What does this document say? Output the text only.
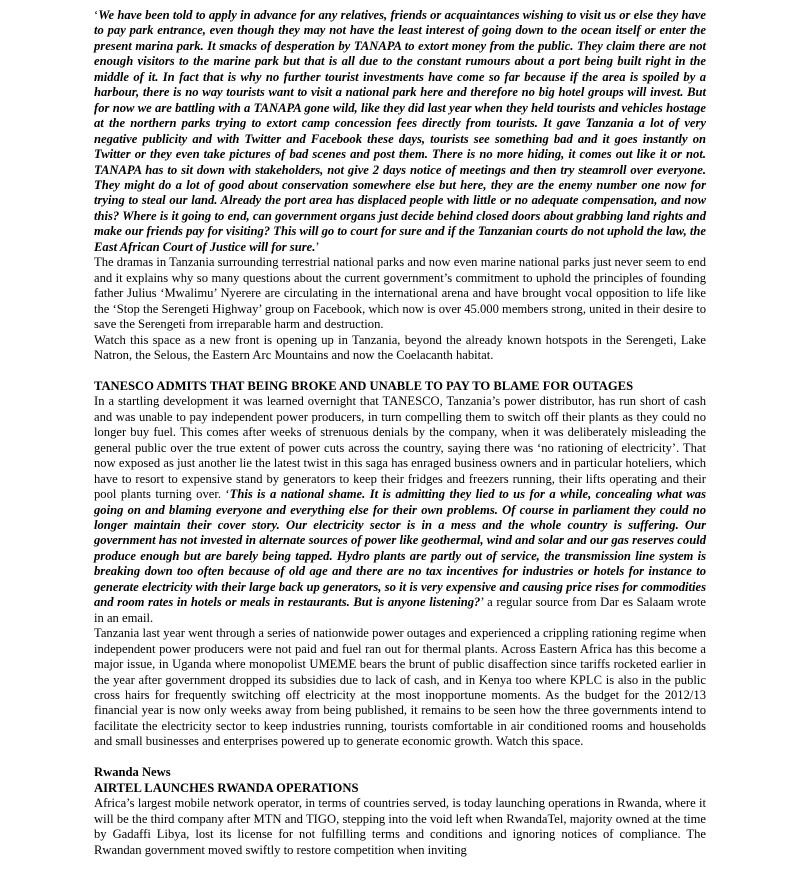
‘We have been told to apply in advance for any relatives, friends or acquaintances wishing to visit us or else they have to pay park entrance, even though they may not have the least interest of going down to the ocean itself or enter the present marina park. It smacks of desperation by TANAPA to extort money from the public. They claim there are not enough visitors to the marine park but that is all due to the constant rumours about a port being built right in the middle of it. In fact that is why no further tourist investments have come so far because if the area is spoiled by a harbour, there is no way tourists want to visit a national park here and therefore no big hotel groups will invest. But for now we are battling with a TANAPA gone wild, like they did last year when they held tourists and vehicles hostage at the northern parks trying to extort camp concession fees directly from tourists. It gave Tanzania a lot of very negative publicity and with Twitter and Facebook these days, tourists see something bad and it goes instantly on Twitter or they even take pictures of bad scenes and post them. There is no more hiding, it comes out like it or not. TANAPA has to sit down with stakeholders, not give 2 days notice of meetings and then try steamroll over everyone. They might do a lot of good about conservation somewhere else but here, they are the enemy number one now for trying to steal our land. Already the port area has displaced people with little or no adequate compensation, and now this? Where is it going to end, can government organs just decide behind closed doors about grabbing land rights and make our friends pay for visiting? This will go to court for sure and if the Tanzanian courts do not uphold the law, the East African Court of Justice will for sure.’

The dramas in Tanzania surrounding terrestrial national parks and now even marine national parks just never seem to end and it explains why so many questions about the current government’s commitment to uphold the principles of founding father Julius ‘Mwalimu’ Nyerere are circulating in the international arena and have brought vocal opposition to life like the ‘Stop the Serengeti Highway’ group on Facebook, which now is over 45.000 members strong, united in their desire to save the Serengeti from irreparable harm and destruction.

Watch this space as a new front is opening up in Tanzania, beyond the already known hotspots in the Serengeti, Lake Natron, the Selous, the Eastern Arc Mountains and now the Coelacanth habitat.

TANESCO ADMITS THAT BEING BROKE AND UNABLE TO PAY TO BLAME FOR OUTAGES

In a startling development it was learned overnight that TANESCO, Tanzania’s power distributor, has run short of cash and was unable to pay independent power producers, in turn compelling them to switch off their plants as they could no longer buy fuel. This comes after weeks of strenuous denials by the company, when it was deliberately misleading the general public over the true extent of power cuts across the country, saying there was ‘no rationing of electricity’. That now exposed as just another lie the latest twist in this saga has enraged business owners and in particular hoteliers, which have to resort to expensive stand by generators to keep their fridges and freezers running, their lifts operating and their pool plants turning over. ‘This is a national shame. It is admitting they lied to us for a while, concealing what was going on and blaming everyone and everything else for their own problems. Of course in parliament they could no longer maintain their cover story. Our electricity sector is in a mess and the whole country is suffering. Our government has not invested in alternate sources of power like geothermal, wind and solar and our gas reserves could produce enough but are barely being tapped. Hydro plants are partly out of service, the transmission line system is breaking down too often because of old age and there are no tax incentives for industries or hotels for instance to generate electricity with their large back up generators, so it is very expensive and causing price rises for commodities and room rates in hotels or meals in restaurants. But is anyone listening?’ a regular source from Dar es Salaam wrote in an email.

Tanzania last year went through a series of nationwide power outages and experienced a crippling rationing regime when independent power producers were not paid and fuel ran out for thermal plants. Across Eastern Africa has this become a major issue, in Uganda where monopolist UMEME bears the brunt of public disaffection since tariffs rocketed earlier in the year after government dropped its subsidies due to lack of cash, and in Kenya too where KPLC is also in the public cross hairs for frequently switching off electricity at the most inopportune moments. As the budget for the 2012/13 financial year is now only weeks away from being published, it remains to be seen how the three governments intend to facilitate the electricity sector to keep industries running, tourists comfortable in air conditioned rooms and households and small businesses and enterprises powered up to generate economic growth. Watch this space.

Rwanda News

AIRTEL LAUNCHES RWANDA OPERATIONS

Africa’s largest mobile network operator, in terms of countries served, is today launching operations in Rwanda, where it will be the third company after MTN and TIGO, stepping into the void left when RwandaTel, majority owned at the time by Gadaffi Libya, lost its license for not fulfilling terms and conditions and ignoring notices of compliance. The Rwandan government moved swiftly to restore competition when inviting
